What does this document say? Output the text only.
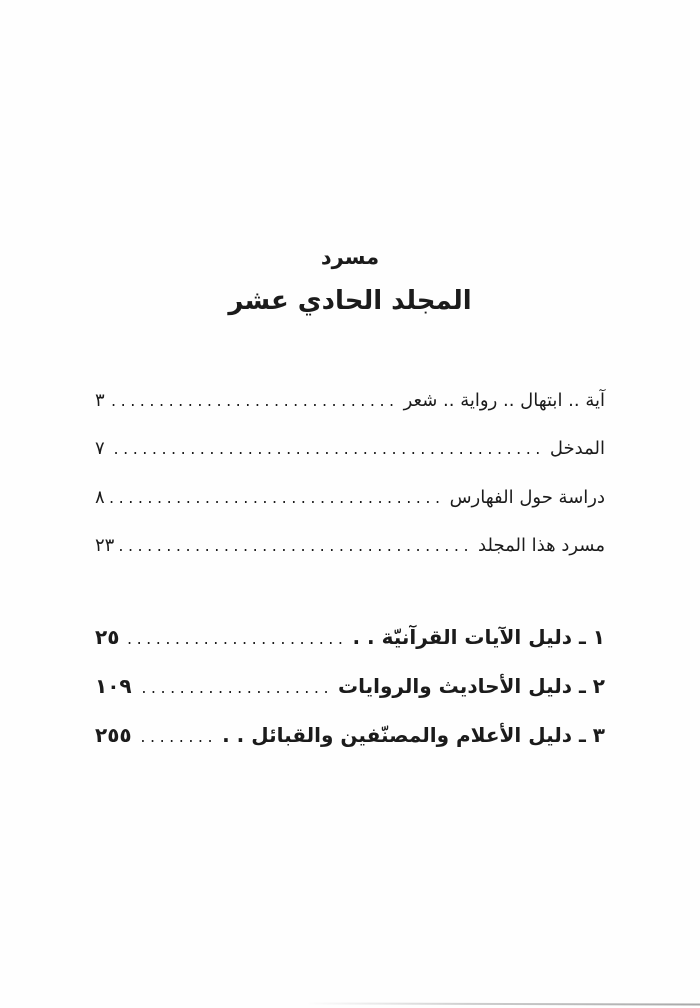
مسرد
المجلد الحادي عشر
آية .. ابتهال .. رواية .. شعر
.....
٣
المدخل
.....
٧
دراسة حول الفهارس
.....
٨
مسرد هذا المجلد
.....
٢٣
١ ـ دليل الآيات القرآنيّة . .
.....
٢٥
٢ ـ دليل الأحاديث والروايات
.....
١٠٩
٣ ـ دليل الأعلام والمصنّفين والقبائل . .
.....
٢٥٥
